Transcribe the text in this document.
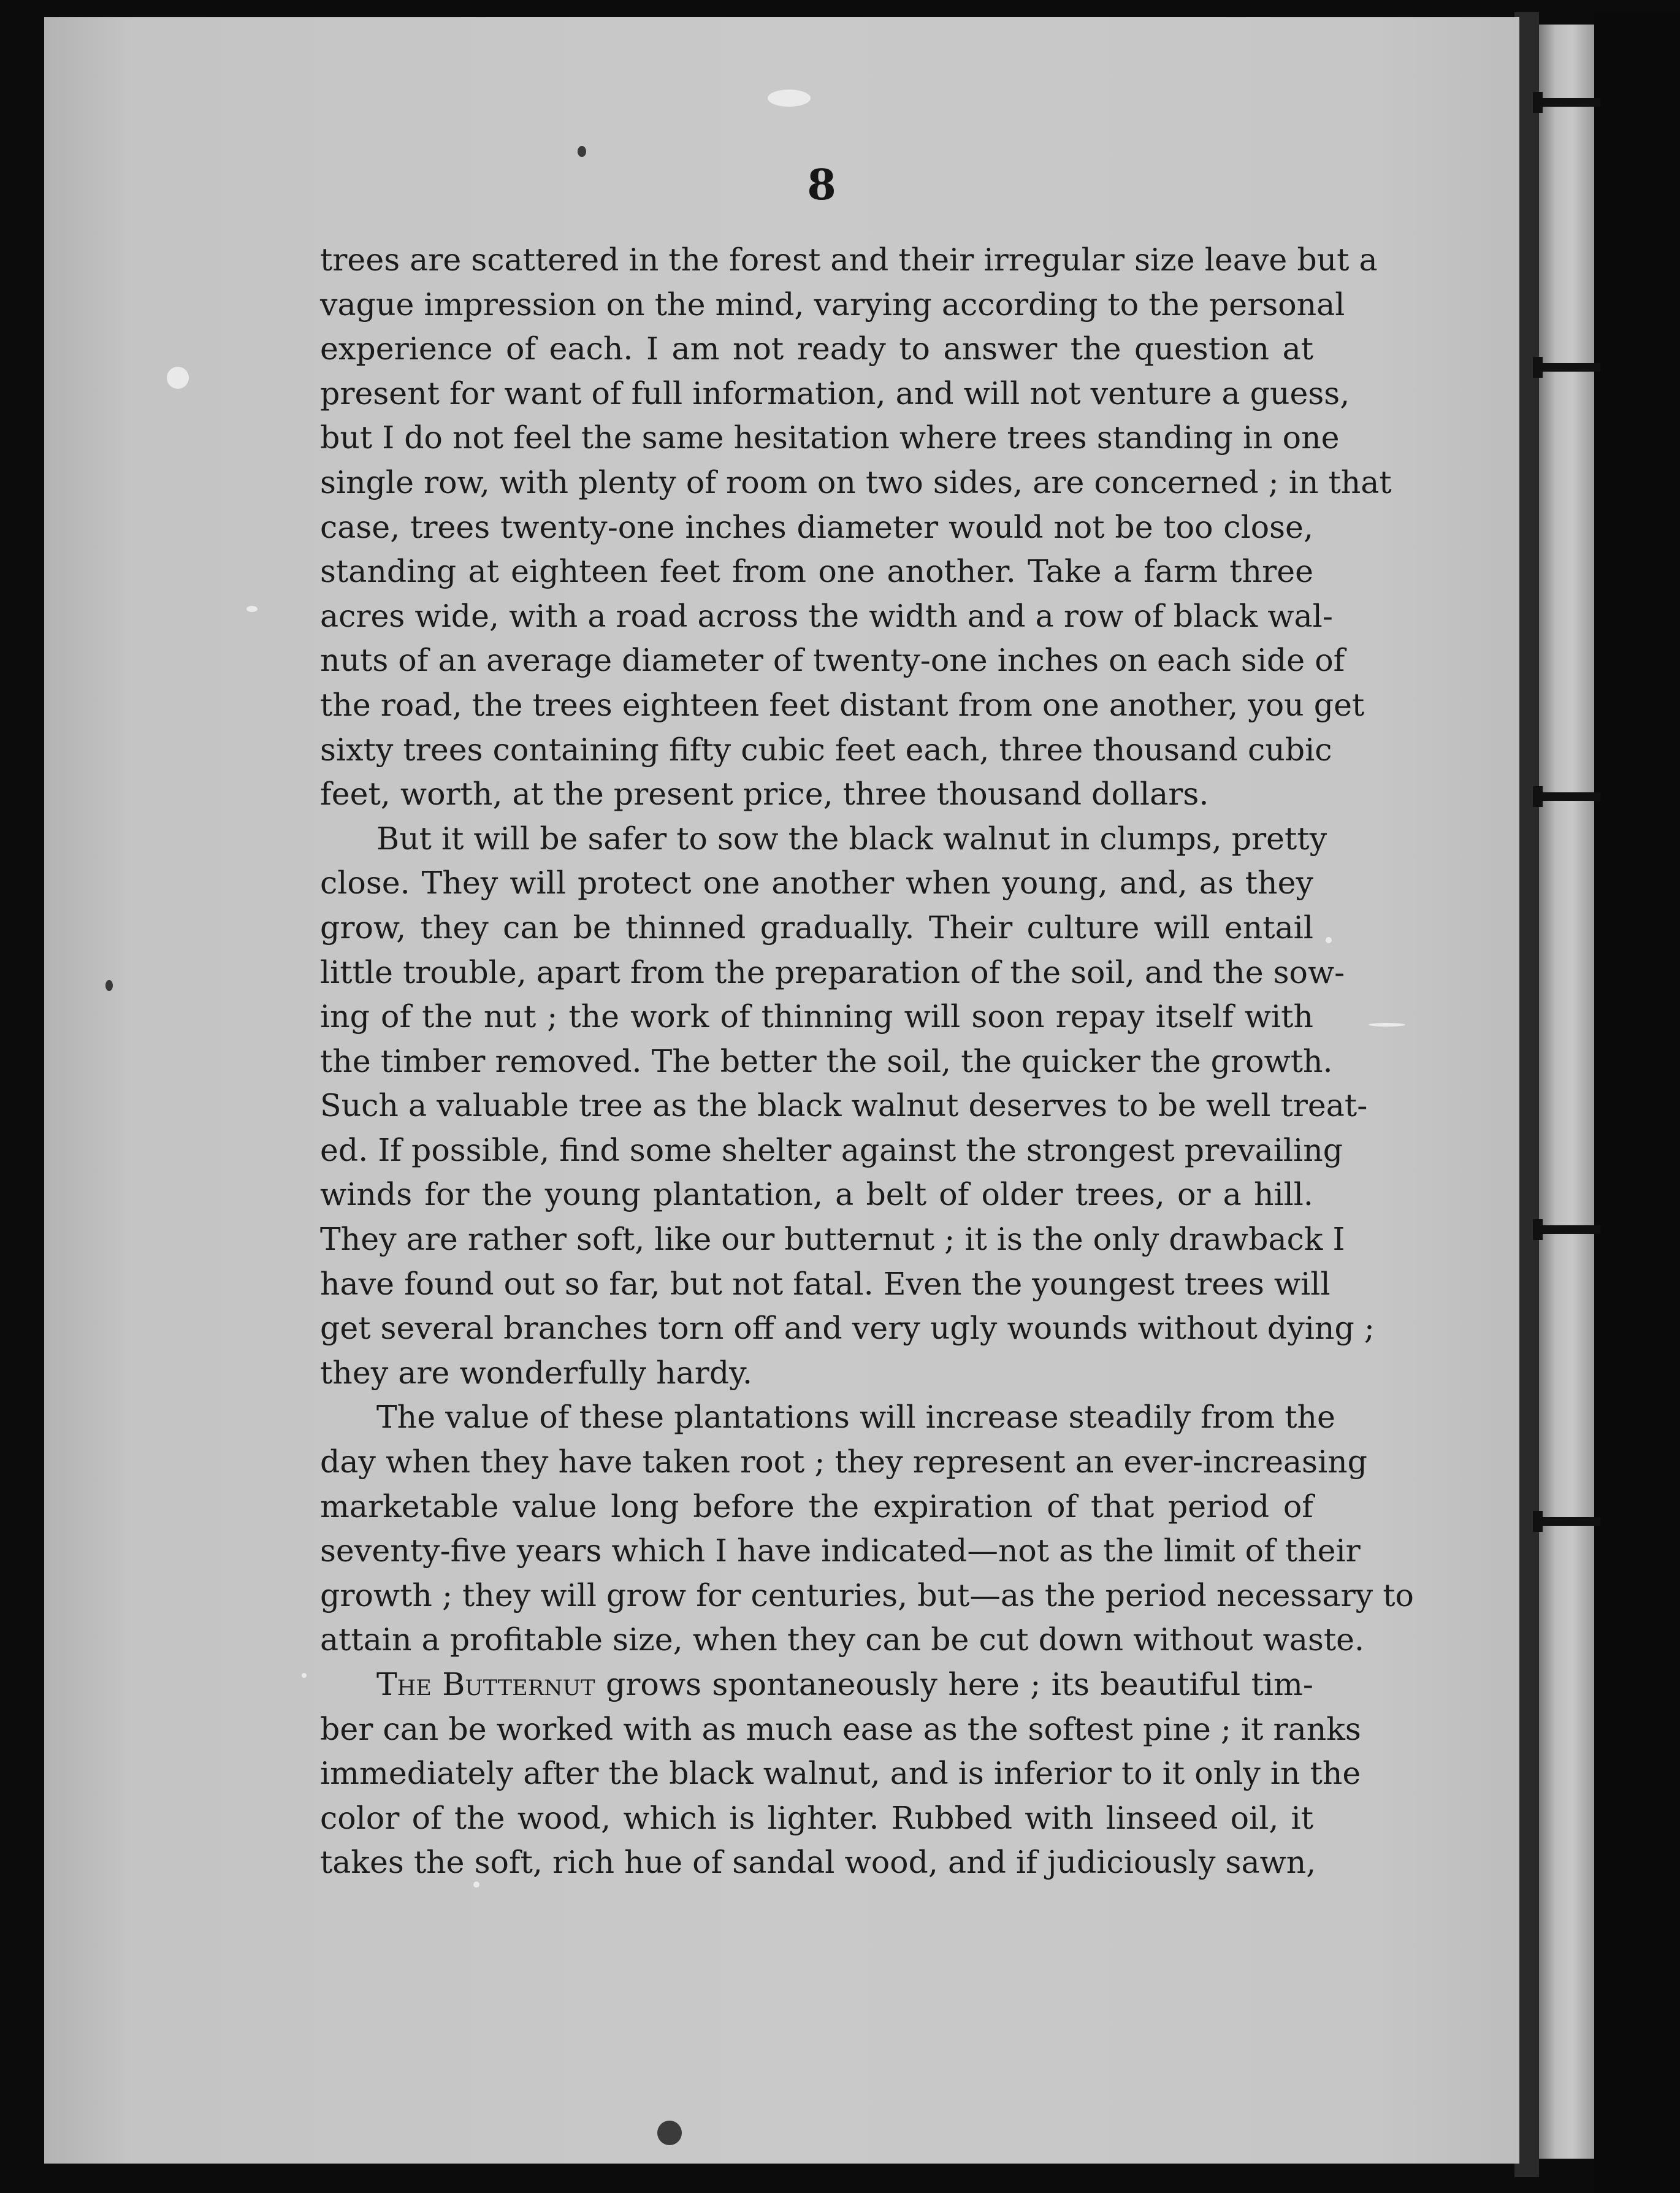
8
trees are scattered in the forest and their irregular size leave but a
vague impression on the mind, varying according to the personal
experience of each. I am not ready to answer the question at
present for want of full information, and will not venture a guess,
but I do not feel the same hesitation where trees standing in one
single row, with plenty of room on two sides, are concerned ; in that
case, trees twenty-one inches diameter would not be too close,
standing at eighteen feet from one another. Take a farm three
acres wide, with a road across the width and a row of black wal-
nuts of an average diameter of twenty-one inches on each side of
the road, the trees eighteen feet distant from one another, you get
sixty trees containing fifty cubic feet each, three thousand cubic
feet, worth, at the present price, three thousand dollars.
But it will be safer to sow the black walnut in clumps, pretty
close. They will protect one another when young, and, as they
grow, they can be thinned gradually. Their culture will entail
little trouble, apart from the preparation of the soil, and the sow-
ing of the nut ; the work of thinning will soon repay itself with
the timber removed. The better the soil, the quicker the growth.
Such a valuable tree as the black walnut deserves to be well treat-
ed. If possible, find some shelter against the strongest prevailing
winds for the young plantation, a belt of older trees, or a hill.
They are rather soft, like our butternut ; it is the only drawback I
have found out so far, but not fatal. Even the youngest trees will
get several branches torn off and very ugly wounds without dying ;
they are wonderfully hardy.
The value of these plantations will increase steadily from the
day when they have taken root ; they represent an ever-increasing
marketable value long before the expiration of that period of
seventy-five years which I have indicated—not as the limit of their
growth ; they will grow for centuries, but—as the period necessary to
attain a profitable size, when they can be cut down without waste.
The Butternut grows spontaneously here ; its beautiful tim-
ber can be worked with as much ease as the softest pine ; it ranks
immediately after the black walnut, and is inferior to it only in the
color of the wood, which is lighter. Rubbed with linseed oil, it
takes the soft, rich hue of sandal wood, and if judiciously sawn,
